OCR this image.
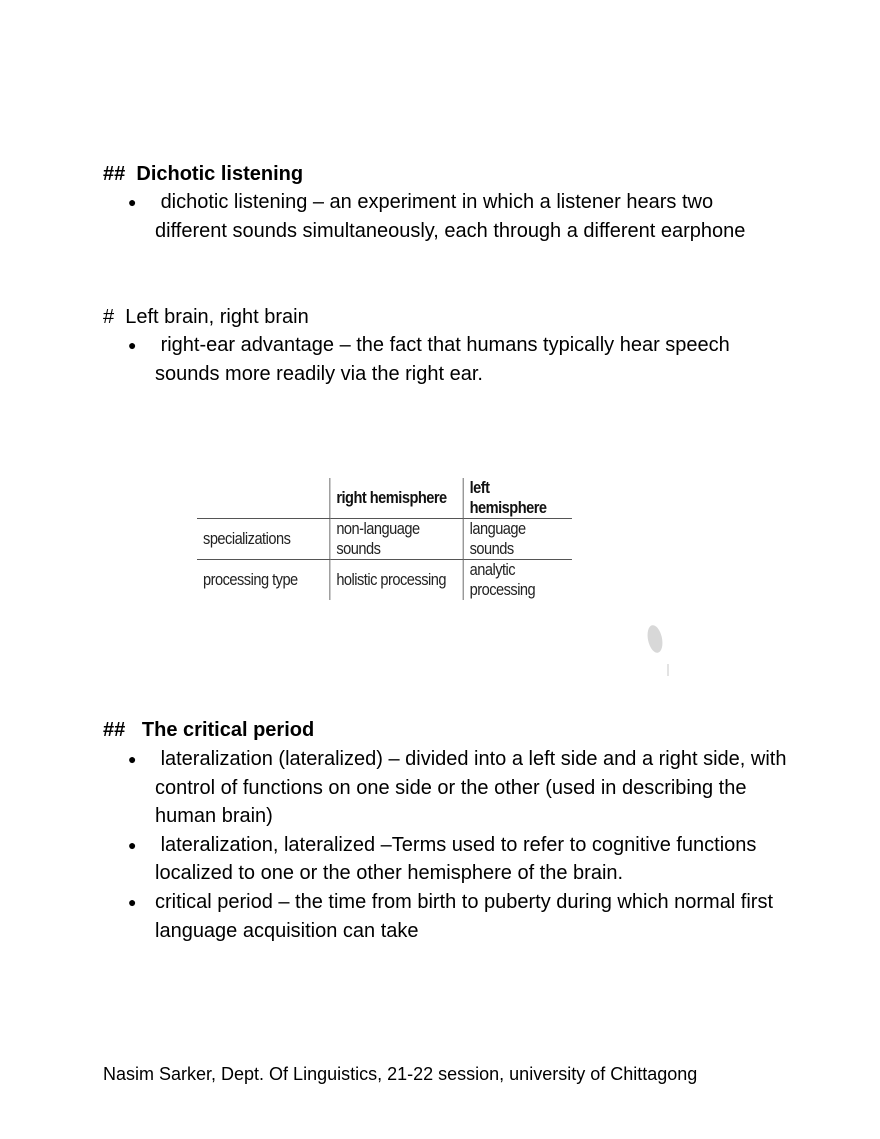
## Dichotic listening
● dichotic listening – an experiment in which a listener hears two different sounds simultaneously, each through a different earphone
# Left brain, right brain
● right-ear advantage – the fact that humans typically hear speech sounds more readily via the right ear.
	right hemisphere	left hemisphere
specializations	non-language sounds	language sounds
processing type	holistic processing	analytic processing
## The critical period
● lateralization (lateralized) – divided into a left side and a right side, with control of functions on one side or the other (used in describing the human brain)
● lateralization, lateralized –Terms used to refer to cognitive functions localized to one or the other hemisphere of the brain.
● critical period – the time from birth to puberty during which normal first language acquisition can take
Nasim Sarker, Dept. Of Linguistics, 21-22 session, university of Chittagong
